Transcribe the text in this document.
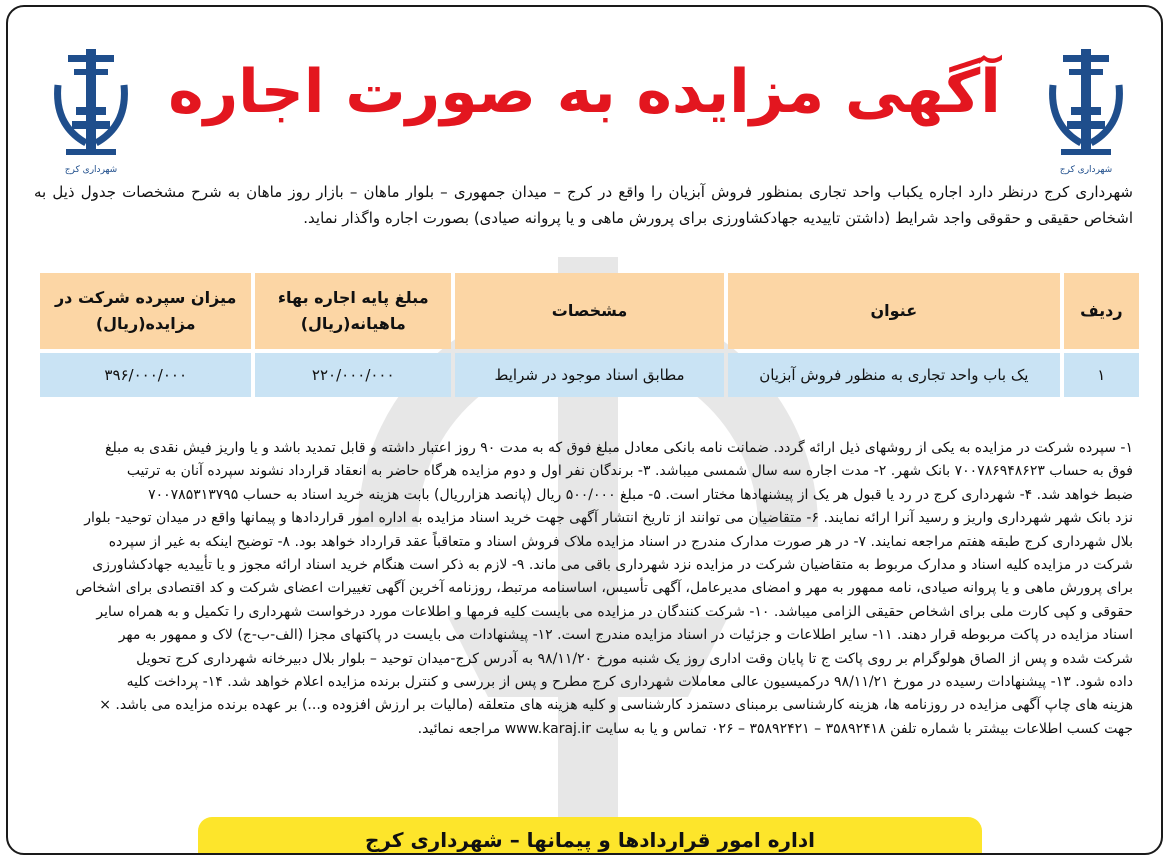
شهرداری کرج
آگهی مزایده به صورت اجاره
شهرداری کرج
شهرداری کرج درنظر دارد اجاره یکباب واحد تجاری بمنظور فروش آبزیان را واقع در کرج – میدان جمهوری – بلوار ماهان – بازار روز ماهان به شرح مشخصات جدول ذیل به اشخاص حقیقی و حقوقی واجد شرایط (داشتن تاییدیه جهادکشاورزی برای پرورش ماهی و یا پروانه صیادی) بصورت اجاره واگذار نماید.
ردیف	عنوان	مشخصات	مبلغ پایه اجاره بهاء ماهیانه(ریال)	میزان سپرده شرکت در مزایده(ریال)
۱	یک باب واحد تجاری به منظور فروش آبزیان	مطابق اسناد موجود در شرایط	۲۲۰/۰۰۰/۰۰۰	۳۹۶/۰۰۰/۰۰۰
۱- سپرده شرکت در مزایده به یکی از روشهای ذیل ارائه گردد. ضمانت نامه بانکی معادل مبلغ فوق که به مدت ۹۰ روز اعتبار داشته و قابل تمدید باشد و یا واریز فیش نقدی به مبلغ
فوق به حساب ۷۰۰۷۸۶۹۴۸۶۲۳ بانک شهر. ۲- مدت اجاره سه سال شمسی میباشد. ۳- برندگان نفر اول و دوم مزایده هرگاه حاضر به انعقاد قرارداد نشوند سپرده آنان به ترتیب
ضبط خواهد شد. ۴- شهرداری کرج در رد یا قبول هر یک از پیشنهادها مختار است. ۵- مبلغ ۵۰۰/۰۰۰ ریال (پانصد هزارریال) بابت هزینه خرید اسناد به حساب ۷۰۰۷۸۵۳۱۳۷۹۵
نزد بانک شهر شهرداری واریز و رسید آنرا ارائه نمایند. ۶- متقاضیان می توانند از تاریخ انتشار آگهی جهت خرید اسناد مزایده به اداره امور قراردادها و پیمانها واقع در میدان توحید- بلوار
بلال شهرداری کرج طبقه هفتم مراجعه نمایند. ۷- در هر صورت مدارک مندرج در اسناد مزایده ملاک فروش اسناد و متعاقباً عقد قرارداد خواهد بود. ۸- توضیح اینکه به غیر از سپرده
شرکت در مزایده کلیه اسناد و مدارک مربوط به متقاضیان شرکت در مزایده نزد شهرداری باقی می ماند. ۹- لازم به ذکر است هنگام خرید اسناد ارائه مجوز و یا تأییدیه جهادکشاورزی
برای پرورش ماهی و یا پروانه صیادی، نامه ممهور به مهر و امضای مدیرعامل، آگهی تأسیس، اساسنامه مرتبط، روزنامه آخرین آگهی تغییرات اعضای شرکت و کد اقتصادی برای اشخاص
حقوقی و کپی کارت ملی برای اشخاص حقیقی الزامی میباشد. ۱۰- شرکت کنندگان در مزایده می بایست کلیه فرمها و اطلاعات مورد درخواست شهرداری را تکمیل و به همراه سایر
اسناد مزایده در پاکت مربوطه قرار دهند. ۱۱- سایر اطلاعات و جزئیات در اسناد مزایده مندرج است. ۱۲- پیشنهادات می بایست در پاکتهای مجزا (الف-ب-ج) لاک و ممهور به مهر
شرکت شده و پس از الصاق هولوگرام بر روی پاکت ج تا پایان وقت اداری روز یک شنبه مورخ ۹۸/۱۱/۲۰ به آدرس کرج-میدان توحید – بلوار بلال دبیرخانه شهرداری کرج تحویل
داده شود. ۱۳- پیشنهادات رسیده در مورخ ۹۸/۱۱/۲۱ درکمیسیون عالی معاملات شهرداری کرج مطرح و پس از بررسی و کنترل برنده مزایده اعلام خواهد شد. ۱۴- پرداخت کلیه
هزینه های چاپ آگهی مزایده در روزنامه ها، هزینه کارشناسی برمبنای دستمزد کارشناسی و کلیه هزینه های متعلقه (مالیات بر ارزش افزوده و...) بر عهده برنده مزایده می باشد. ×
جهت کسب اطلاعات بیشتر با شماره تلفن ۳۵۸۹۲۴۱۸ – ۳۵۸۹۲۴۲۱ – ۰۲۶ تماس و یا به سایت www.karaj.ir مراجعه نمائید.
اداره امور قراردادها و پیمانها – شهرداری کرج
